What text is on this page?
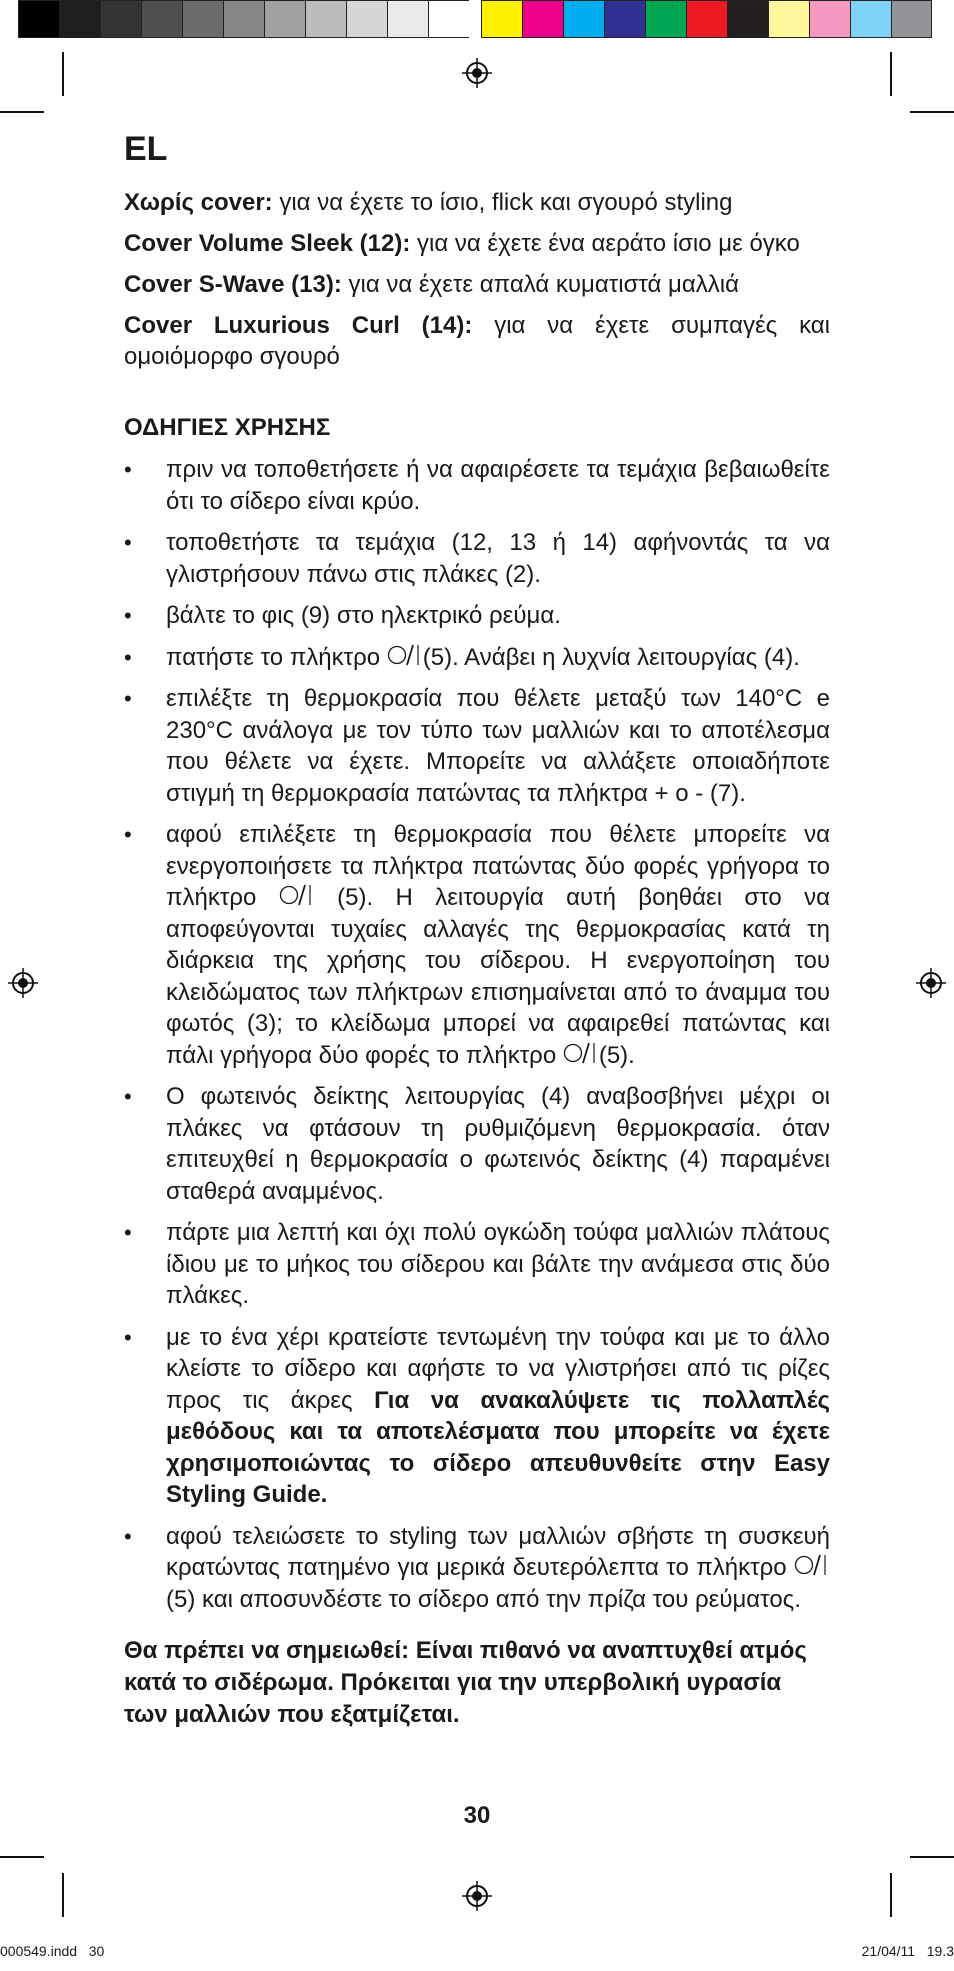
EL

Χωρίς cover: για να έχετε το ίσιο, flick και σγουρό styling

Cover Volume Sleek (12): για να έχετε ένα αεράτο ίσιο με όγκο

Cover S-Wave (13): για να έχετε απαλά κυματιστά μαλλιά

Cover Luxurious Curl (14): για να έχετε συμπαγές και ομοιόμορφο σγουρό

ΟΔΗΓΙΕΣ ΧΡΗΣΗΣ
• πριν να τοποθετήσετε ή να αφαιρέσετε τα τεμάχια βεβαιωθείτε ότι το σίδερο είναι κρύο.
• τοποθετήστε τα τεμάχια (12, 13 ή 14) αφήνοντάς τα να γλιστρήσουν πάνω στις πλάκες (2).
• βάλτε το φις (9) στο ηλεκτρικό ρεύμα.
• πατήστε το πλήκτρο (5). Ανάβει η λυχνία λειτουργίας (4).
• επιλέξτε τη θερμοκρασία που θέλετε μεταξύ των 140°C e 230°C ανάλογα με τον τύπο των μαλλιών και το αποτέλεσμα που θέλετε να έχετε. Μπορείτε να αλλάξετε οποιαδήποτε στιγμή τη θερμοκρασία πατώντας τα πλήκτρα + o - (7).
• αφού επιλέξετε τη θερμοκρασία που θέλετε μπορείτε να ενεργοποιήσετε τα πλήκτρα πατώντας δύο φορές γρήγορα το πλήκτρο  (5). Η λειτουργία αυτή βοηθάει στο να αποφεύγονται τυχαίες αλλαγές της θερμοκρασίας κατά τη διάρκεια της χρήσης του σίδερου. Η ενεργοποίηση του κλειδώματος των πλήκτρων επισημαίνεται από το άναμμα του φωτός (3); το κλείδωμα μπορεί να αφαιρεθεί πατώντας και πάλι γρήγορα δύο φορές το πλήκτρο (5).
• Ο φωτεινός δείκτης λειτουργίας (4) αναβοσβήνει μέχρι οι πλάκες να φτάσουν τη ρυθμιζόμενη θερμοκρασία. όταν επιτευχθεί η θερμοκρασία ο φωτεινός δείκτης (4) παραμένει σταθερά αναμμένος.
• πάρτε μια λεπτή και όχι πολύ ογκώδη τούφα μαλλιών πλάτους ίδιου με το μήκος του σίδερου και βάλτε την ανάμεσα στις δύο πλάκες.
• με το ένα χέρι κρατείστε τεντωμένη την τούφα και με το άλλο κλείστε το σίδερο και αφήστε το να γλιστρήσει από τις ρίζες προς τις άκρες Για να ανακαλύψετε τις πολλαπλές μεθόδους και τα αποτελέσματα που μπορείτε να έχετε χρησιμοποιώντας το σίδερο απευθυνθείτε στην Easy Styling Guide.
• αφού τελειώσετε το styling των μαλλιών σβήστε τη συσκευή κρατώντας πατημένο για μερικά δευτερόλεπτα το πλήκτρο  (5) και αποσυνδέστε το σίδερο από την πρίζα του ρεύματος.
Θα πρέπει να σημειωθεί: Είναι πιθανό να αναπτυχθεί ατμός κατά το σιδέρωμα. Πρόκειται για την υπερβολική υγρασία των μαλλιών που εξατμίζεται.
30
000549.indd   30	21/04/11   19.3
